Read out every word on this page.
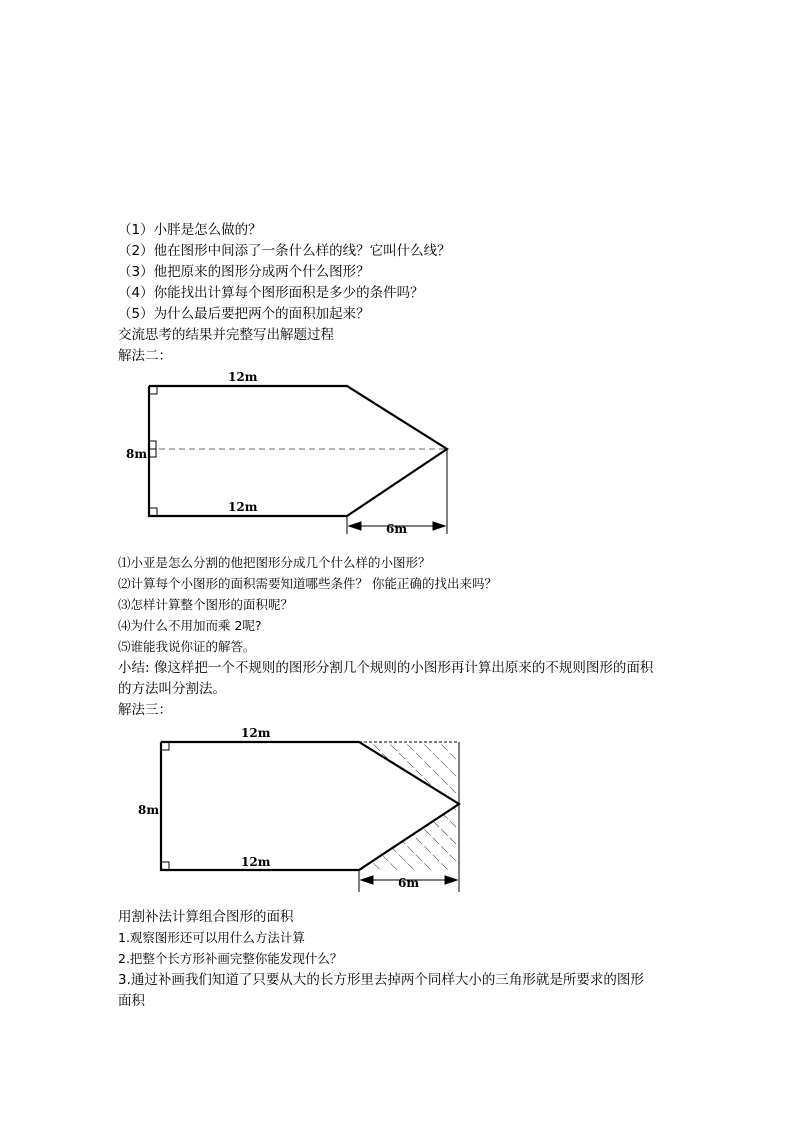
（1）小胖是怎么做的？
（2）他在图形中间添了一条什么样的线？它叫什么线？
（3）他把原来的图形分成两个什么图形？
（4）你能找出计算每个图形面积是多少的条件吗？
（5）为什么最后要把两个的面积加起来？
交流思考的结果并完整写出解题过程
解法二：
12m
12m
8m
6m
⑴小亚是怎么分割的他把图形分成几个什么样的小图形？
⑵计算每个小图形的面积需要知道哪些条件？ 你能正确的找出来吗？
⑶怎样计算整个图形的面积呢？
⑷为什么不用加而乘 2呢?
⑸谁能我说你证的解答。
小结: 像这样把一个不规则的图形分割几个规则的小图形再计算出原来的不规则图形的面积
的方法叫分割法。
解法三：
12m
12m
8m
6m
用割补法计算组合图形的面积
1.观察图形还可以用什么方法计算
2.把整个长方形补画完整你能发现什么？
3.通过补画我们知道了只要从大的长方形里去掉两个同样大小的三角形就是所要求的图形
面积
